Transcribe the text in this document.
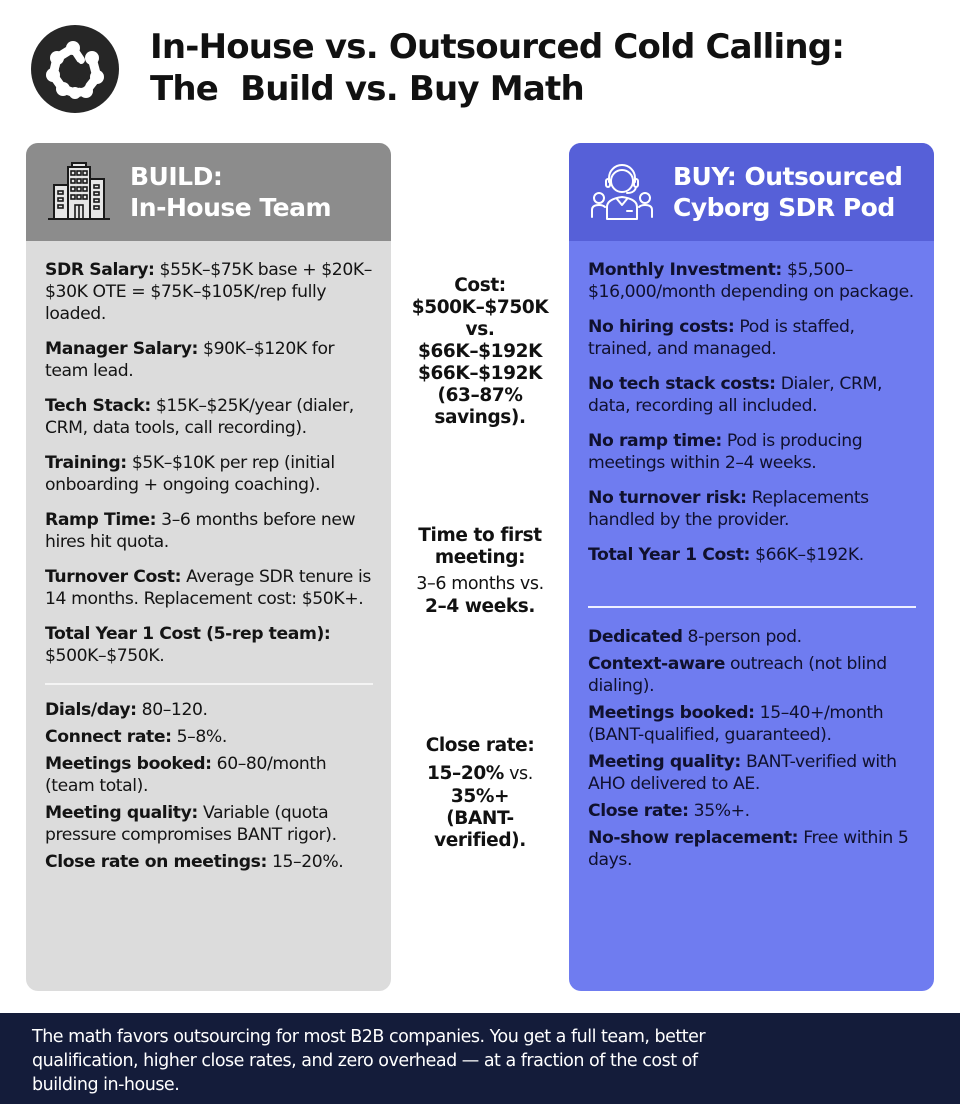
In-House vs. Outsourced Cold Calling:
The  Build vs. Buy Math
BUILD:
In-House Team
SDR Salary: $55K–$75K base + $20K–$30K OTE = $75K–$105K/rep fully loaded.
Manager Salary: $90K–$120K for team lead.
Tech Stack: $15K–$25K/year (dialer, CRM, data tools, call recording).
Training: $5K–$10K per rep (initial onboarding + ongoing coaching).
Ramp Time: 3–6 months before new hires hit quota.
Turnover Cost: Average SDR tenure is 14 months. Replacement cost: $50K+.
Total Year 1 Cost (5-rep team): $500K–$750K.
Dials/day: 80–120.
Connect rate: 5–8%.
Meetings booked: 60–80/month (team total).
Meeting quality: Variable (quota pressure compromises BANT rigor).
Close rate on meetings: 15–20%.
Cost:
$500K–$750K
vs.
$66K–$192K
$66K–$192K
(63–87%
savings).
Time to first meeting:
3–6 months vs.
2–4 weeks.
Close rate:
15–20% vs.
35%+
(BANT-
verified).
BUY: Outsourced
Cyborg SDR Pod
Monthly Investment: $5,500–$16,000/month depending on package.
No hiring costs: Pod is staffed, trained, and managed.
No tech stack costs: Dialer, CRM, data, recording all included.
No ramp time: Pod is producing meetings within 2–4 weeks.
No turnover risk: Replacements handled by the provider.
Total Year 1 Cost: $66K–$192K.
Dedicated 8-person pod.
Context-aware outreach (not blind dialing).
Meetings booked: 15–40+/month (BANT-qualified, guaranteed).
Meeting quality: BANT-verified with AHO delivered to AE.
Close rate: 35%+.
No-show replacement: Free within 5 days.
The math favors outsourcing for most B2B companies. You get a full team, better qualification, higher close rates, and zero overhead — at a fraction of the cost of building in-house.
